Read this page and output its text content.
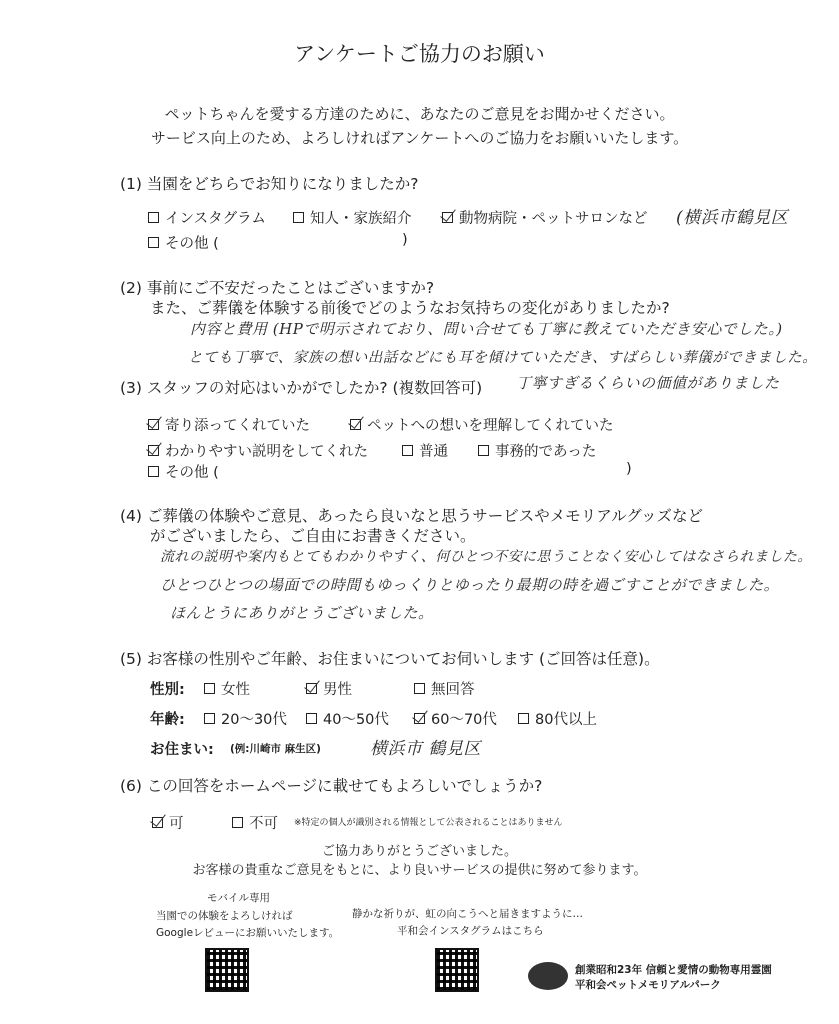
アンケートご協力のお願い
ペットちゃんを愛する方達のために、あなたのご意見をお聞かせください。
サービス向上のため、よろしければアンケートへのご協力をお願いいたします。
(1) 当園をどちらでお知りになりましたか?
インスタグラム	知人・家族紹介	動物病院・ペットサロンなど (横浜市鶴見区
その他 (	)
(2) 事前にご不安だったことはございますか?
また、ご葬儀を体験する前後でどのようなお気持ちの変化がありましたか?
内容と費用 (HPで明示されており、問い合せても丁寧に教えていただき安心でした。)
とても丁寧で、家族の想い出話などにも耳を傾けていただき、すばらしい葬儀ができました。
(3) スタッフの対応はいかがでしたか? (複数回答可) 丁寧すぎるくらいの価値がありました
寄り添ってくれていた	ペットへの想いを理解してくれていた
わかりやすい説明をしてくれた	普通	事務的であった
その他 (	)
(4) ご葬儀の体験やご意見、あったら良いなと思うサービスやメモリアルグッズなど
がございましたら、ご自由にお書きください。
流れの説明や案内もとてもわかりやすく、何ひとつ不安に思うことなく安心してはなさられました。
ひとつひとつの場面での時間もゆっくりとゆったり最期の時を過ごすことができました。
ほんとうにありがとうございました。
(5) お客様の性別やご年齢、お住まいについてお伺いします (ご回答は任意)。
性別: 女性	男性	無回答
年齢: 20〜30代 40〜50代	60〜70代	80代以上
お住まい: (例:川崎市 麻生区)	横浜市 鶴見区
(6) この回答をホームページに載せてもよろしいでしょうか?
可	不可 ※特定の個人が識別される情報として公表されることはありません
ご協力ありがとうございました。
お客様の貴重なご意見をもとに、より良いサービスの提供に努めて参ります。
モバイル専用
当園での体験をよろしければ
Googleレビューにお願いいたします。
静かな祈りが、虹の向こうへと届きますように…
平和会インスタグラムはこちら
創業昭和23年 信頼と愛情の動物専用霊園
平和会ペットメモリアルパーク
